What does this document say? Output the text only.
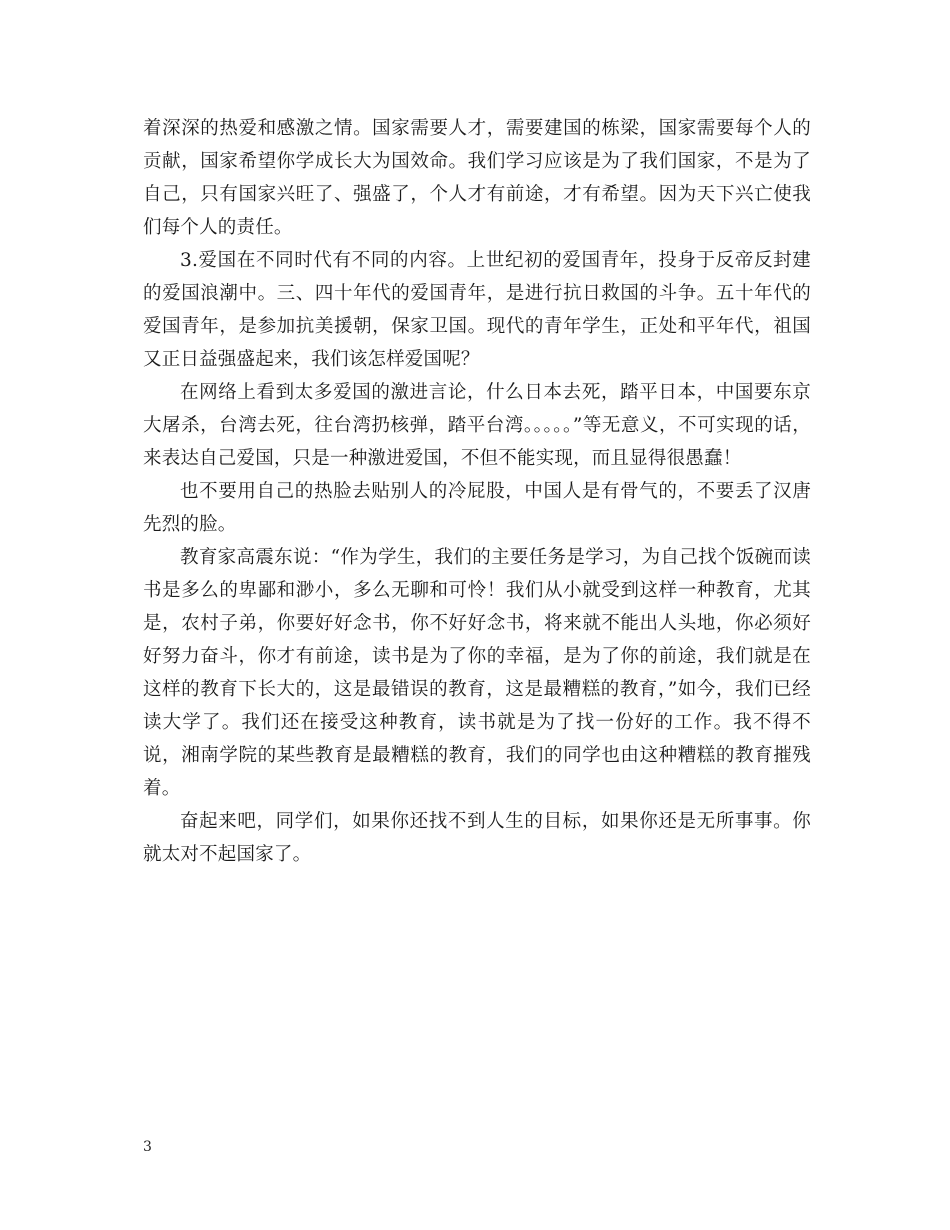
着深深的热爱和感激之情。国家需要人才，需要建国的栋梁，国家需要每个人的贡献，国家希望你学成长大为国效命。我们学习应该是为了我们国家，不是为了自己，只有国家兴旺了、强盛了，个人才有前途，才有希望。因为天下兴亡使我们每个人的责任。

3.爱国在不同时代有不同的内容。上世纪初的爱国青年，投身于反帝反封建的爱国浪潮中。三、四十年代的爱国青年，是进行抗日救国的斗争。五十年代的爱国青年，是参加抗美援朝，保家卫国。现代的青年学生，正处和平年代，祖国又正日益强盛起来，我们该怎样爱国呢？

在网络上看到太多爱国的激进言论，什么日本去死，踏平日本，中国要东京大屠杀，台湾去死，往台湾扔核弹，踏平台湾。。。。。”等无意义，不可实现的话，来表达自己爱国，只是一种激进爱国，不但不能实现，而且显得很愚蠢！

也不要用自己的热脸去贴别人的冷屁股，中国人是有骨气的，不要丢了汉唐先烈的脸。

教育家高震东说：“作为学生，我们的主要任务是学习，为自己找个饭碗而读书是多么的卑鄙和渺小，多么无聊和可怜！我们从小就受到这样一种教育，尤其是，农村子弟，你要好好念书，你不好好念书，将来就不能出人头地，你必须好好努力奋斗，你才有前途，读书是为了你的幸福，是为了你的前途，我们就是在这样的教育下长大的，这是最错误的教育，这是最糟糕的教育，”如今，我们已经读大学了。我们还在接受这种教育，读书就是为了找一份好的工作。我不得不说，湘南学院的某些教育是最糟糕的教育，我们的同学也由这种糟糕的教育摧残着。

奋起来吧，同学们，如果你还找不到人生的目标，如果你还是无所事事。你就太对不起国家了。

3
